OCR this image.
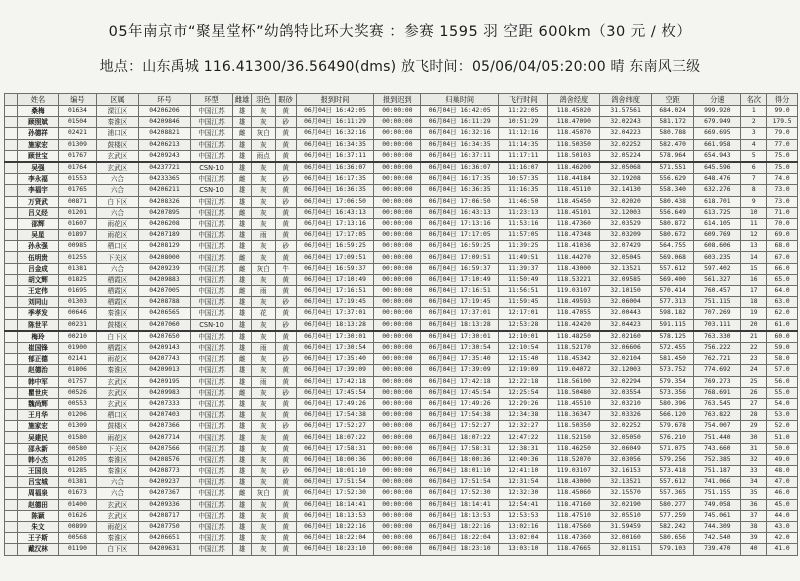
05年南京市“聚星堂杯”幼鸽特比环大奖赛 ：参赛 1595 羽 空距 600km（30 元 / 枚）
地点：山东禹城 116.41300/36.56490(dms) 放飞时间：05/06/04/05:20:00 晴 东南风三级
	姓名	编号	区属	环号	环型	雌雄	羽色	眼砂	报到时间	报到迟到	归巢时间	飞行时间	鸽舍经度	鸽舍纬度	空距	分速	名次	得分
	桑梅	01634	溧江区	04206206	中国江苏	雄	灰	黄	06月04日 16:42:05	00:00:00	06月04日 16:42:05	11:22:05	118.45020	31.57561	684.024	999.920	1	99.0
	顾照斌	01504	秦淮区	04209846	中国江苏	雄	灰	砂	06月04日 16:11:29	00:00:00	06月04日 16:11:29	10:51:29	118.47090	32.02243	581.172	679.949	2	179.5
	孙德祥	02421	浦口区	04208821	中国江苏	雌	灰白	黄	06月04日 16:32:16	00:00:00	06月04日 16:32:16	11:12:16	118.45070	32.04223	580.788	669.695	3	79.0
	施家宏	01309	鼓楼区	04206213	中国江苏	雄	灰	黄	06月04日 16:34:35	00:00:00	06月04日 16:34:35	11:14:35	118.50350	32.02252	582.470	661.958	4	77.0
	顾世宝	01767	玄武区	04209243	中国江苏	雄	雨点	黄	06月04日 16:37:11	00:00:00	06月04日 16:37:11	11:17:11	118.50103	32.05224	578.964	654.943	5	75.0
	吴强	01764	玄武区	04237721	CSN-10	雄	灰	黄	06月04日 16:36:07	00:00:00	06月04日 16:36:07	11:16:07	118.46200	32.05068	571.551	645.596	6	75.0
	李永福	01553	六合	04233365	中国江苏	雌	灰	砂	06月04日 16:17:35	00:00:00	06月04日 16:17:35	10:57:35	118.44184	32.19208	556.629	648.476	7	74.0
	李福宇	01765	六合	04206211	CSN-10	雄	灰	黄	06月04日 16:36:35	00:00:00	06月04日 16:36:35	11:16:35	118.45110	32.14130	558.340	632.276	8	73.0
	万贤武	00871	白下区	04208326	中国江苏	雄	灰	砂	06月04日 17:06:50	00:00:00	06月04日 17:06:50	11:46:50	118.45450	32.02020	580.438	618.701	9	73.0
	吕义经	01201	六合	04207895	中国江苏	雌	灰	黄	06月04日 16:43:13	00:00:00	06月04日 16:43:13	11:23:13	118.45101	32.12003	556.649	613.725	10	71.0
	邵辉	01607	雨花区	04206208	中国江苏	雄	灰	黄	06月04日 17:13:16	00:00:00	06月04日 17:13:16	11:53:16	118.47360	32.03529	580.872	614.105	11	70.0
	吴星	01897	雨花区	04207189	中国江苏	雄	雨	黄	06月04日 17:17:05	00:00:00	06月04日 17:17:05	11:57:05	118.47348	32.03209	580.672	609.769	12	69.0
	孙永强	00985	栖口区	04208129	中国江苏	雄	灰	砂	06月04日 16:59:25	00:00:00	06月04日 16:59:25	11:39:25	118.41036	32.07429	564.755	608.606	13	68.0
	伍明贵	01255	下关区	04208000	中国江苏	雌	灰	黄	06月04日 17:09:51	00:00:00	06月04日 17:09:51	11:49:51	118.44270	32.05045	569.068	603.235	14	67.0
	吕金成	01381	六合	04209239	中国江苏	雌	灰白	牛	06月04日 16:59:37	00:00:00	06月04日 16:59:37	11:39:37	118.43000	32.13521	557.612	597.402	15	66.0
	胡文辉	01825	栖霞区	04209883	中国江苏	雄	灰	黄	06月04日 17:10:49	00:00:00	06月04日 17:10:49	11:50:49	118.53221	32.09585	569.400	561.327	16	65.0
	王定伟	01695	栖霞区	04207005	中国江苏	雌	雨	黄	06月04日 17:16:51	00:00:00	06月04日 17:16:51	11:56:51	119.03107	32.10150	570.414	760.457	17	64.0
	刘同山	01303	栖霞区	04208788	中国江苏	雄	灰	砂	06月04日 17:19:45	00:00:00	06月04日 17:19:45	11:59:45	118.49593	32.06004	577.313	751.115	18	63.0
	季孝发	00646	秦淮区	04206565	中国江苏	雄	花	黄	06月04日 17:37:01	00:00:00	06月04日 17:37:01	12:17:01	118.47055	32.00443	598.182	707.269	19	62.0
	陈世平	00231	鼓楼区	04207060	CSN-10	雄	灰	砂	06月04日 18:13:28	00:00:00	06月04日 18:13:28	12:53:28	118.42420	32.04423	591.115	703.111	20	61.0
	梅玲	00210	白下区	04207650	中国江苏	雄	灰	黄	06月04日 17:30:01	00:00:00	06月04日 17:30:01	12:10:01	118.48250	32.02160	578.125	763.330	21	60.0
	崔国锋	01900	栖霞区	04209143	中国江苏	雄	雨	黄	06月04日 17:30:54	00:00:00	06月04日 17:30:54	12:10:54	118.52170	32.06606	572.455	756.222	22	59.0
	郁正德	02141	雨花区	04207743	中国江苏	雌	灰	砂	06月04日 17:35:40	00:00:00	06月04日 17:35:40	12:15:40	118.45342	32.02104	581.450	762.721	23	58.0
	赵德治	01806	秦淮区	04209013	中国江苏	雄	灰	黄	06月04日 17:39:09	00:00:00	06月04日 17:39:09	12:19:09	119.04072	32.12003	573.752	774.692	24	57.0
	韩中军	01757	玄武区	04209195	中国江苏	雄	雨	黄	06月04日 17:42:18	00:00:00	06月04日 17:42:18	12:22:18	118.56100	32.02294	579.354	769.273	25	56.0
	瞿世庆	00526	玄武区	04209983	中国江苏	雌	灰	砂	06月04日 17:45:54	00:00:00	06月04日 17:45:54	12:25:54	118.50480	32.03554	573.356	768.691	26	55.0
	魏尚辉	00553	玄武区	04207333	中国江苏	雄	灰	黄	06月04日 17:49:26	00:00:00	06月04日 17:49:26	12:29:26	118.45510	32.03210	580.396	763.545	27	54.0
	王月华	01206	栖口区	04207403	中国江苏	雄	灰	黄	06月04日 17:54:38	00:00:00	06月04日 17:54:38	12:34:38	118.36347	32.03326	566.120	763.822	28	53.0
	施家宏	01309	鼓楼区	04207366	中国江苏	雄	灰	砂	06月04日 17:52:27	00:00:00	06月04日 17:52:27	12:32:27	118.50350	32.02252	579.678	754.007	29	52.0
	吴建民	01580	雨花区	04207714	中国江苏	雄	灰	黄	06月04日 18:07:22	00:00:00	06月04日 18:07:22	12:47:22	118.52150	32.05050	576.210	751.440	30	51.0
	邵永新	00580	下关区	04207566	中国江苏	雄	灰	黄	06月04日 17:58:31	00:00:00	06月04日 17:58:31	12:38:31	118.46250	32.06049	571.075	743.660	31	50.0
	韩小杰	01205	秦淮区	04208576	中国江苏	雄	灰	黄	06月04日 18:00:36	00:00:00	06月04日 18:00:36	12:40:36	118.52070	32.03056	579.256	752.385	32	49.0
	王国良	01285	秦淮区	04208773	中国江苏	雄	灰	砂	06月04日 18:01:10	00:00:00	06月04日 18:01:10	12:41:10	119.03107	32.16153	573.418	751.187	33	48.0
	吕宝城	01381	六合	04209237	中国江苏	雄	灰	黄	06月04日 17:51:54	00:00:00	06月04日 17:51:54	12:31:54	118.43000	32.13521	557.612	741.066	34	47.0
	周福泉	01673	六合	04207367	中国江苏	雌	灰白	黄	06月04日 17:52:30	00:00:00	06月04日 17:52:30	12:32:30	118.45060	32.15570	557.365	751.155	35	46.0
	赵德田	01400	玄武区	04209336	中国江苏	雄	灰	黄	06月04日 18:14:41	00:00:00	06月04日 18:14:41	12:54:41	118.47160	32.02190	580.277	749.058	36	45.0
	陈颖	01626	玄武区	04208717	中国江苏	雄	灰	黄	06月04日 18:13:53	00:00:00	06月04日 18:13:53	12:53:53	118.47510	32.05510	577.259	745.061	37	44.0
	朱文	00899	雨花区	04207750	中国江苏	雄	灰	黄	06月04日 18:22:16	00:00:00	06月04日 18:22:16	13:02:16	118.47560	31.59459	582.242	744.309	38	43.0
	王子斯	00568	秦淮区	04206651	中国江苏	雄	灰	黄	06月04日 18:22:04	00:00:00	06月04日 18:22:04	13:02:04	118.47360	32.00160	580.656	742.540	39	42.0
	戴汉林	01190	白下区	04209631	中国江苏	雄	灰	黄	06月04日 18:23:10	00:00:00	06月04日 18:23:10	13:03:10	118.47665	32.01151	579.103	739.470	40	41.0
